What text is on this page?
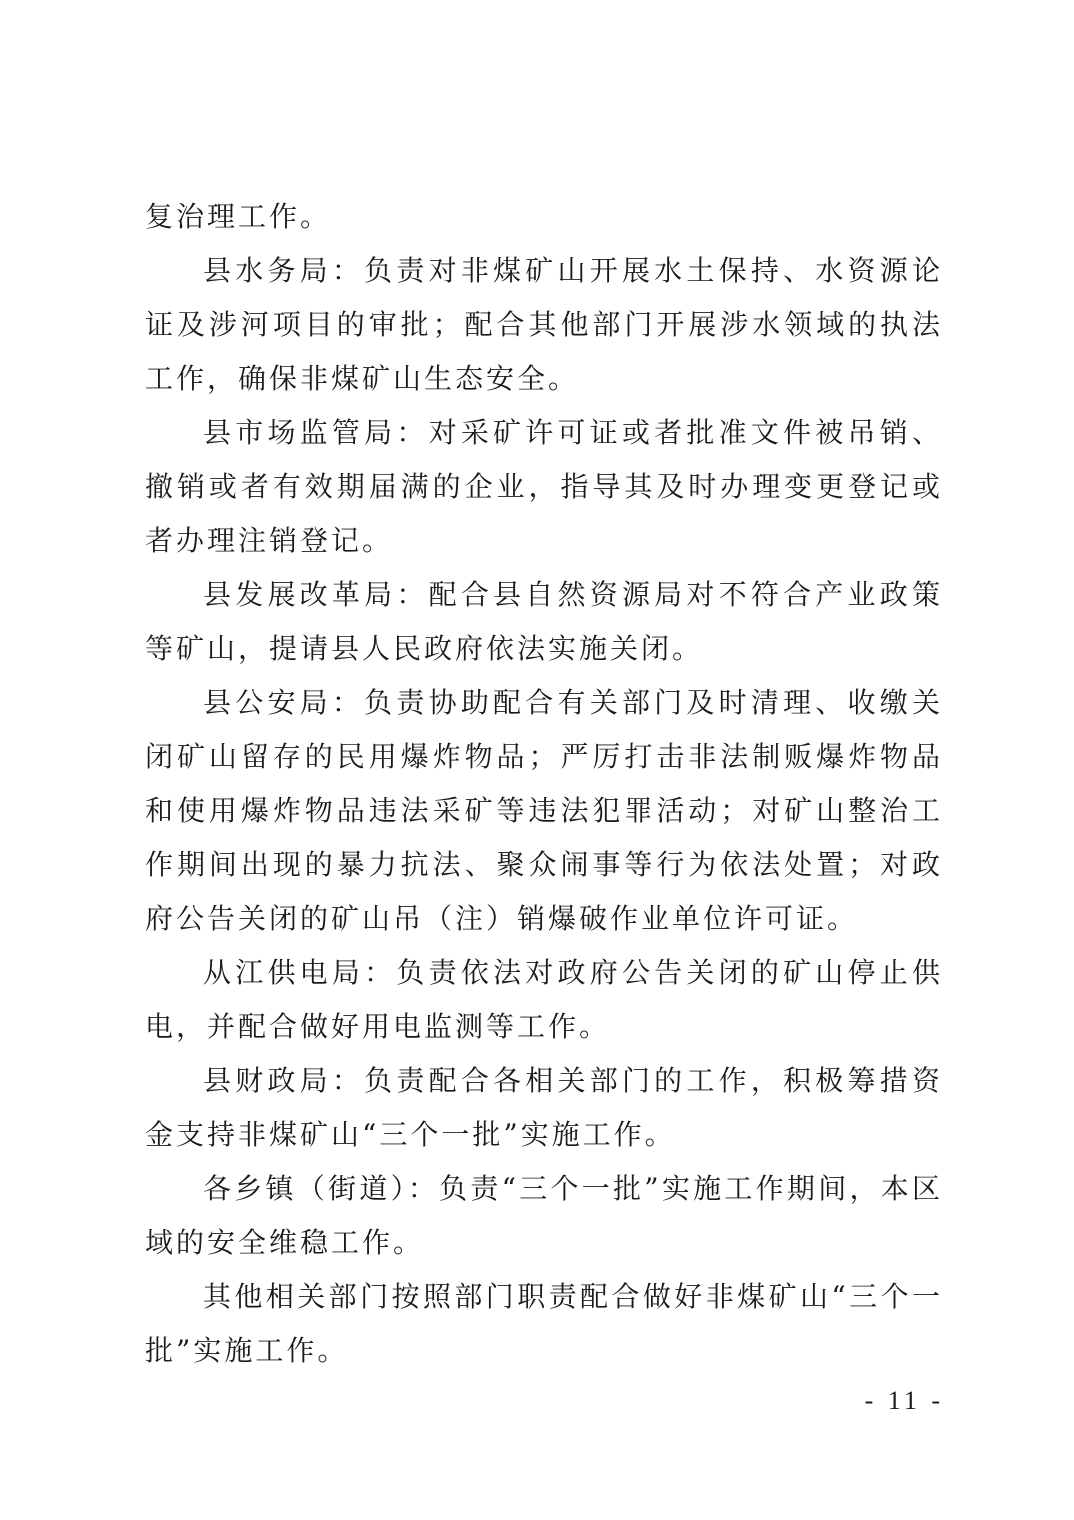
复治理工作。

县水务局：负责对非煤矿山开展水土保持、水资源论证及涉河项目的审批；配合其他部门开展涉水领域的执法工作，确保非煤矿山生态安全。

县市场监管局：对采矿许可证或者批准文件被吊销、撤销或者有效期届满的企业，指导其及时办理变更登记或者办理注销登记。

县发展改革局：配合县自然资源局对不符合产业政策等矿山，提请县人民政府依法实施关闭。

县公安局：负责协助配合有关部门及时清理、收缴关闭矿山留存的民用爆炸物品；严厉打击非法制贩爆炸物品和使用爆炸物品违法采矿等违法犯罪活动；对矿山整治工作期间出现的暴力抗法、聚众闹事等行为依法处置；对政府公告关闭的矿山吊（注）销爆破作业单位许可证。

从江供电局：负责依法对政府公告关闭的矿山停止供电，并配合做好用电监测等工作。

县财政局：负责配合各相关部门的工作，积极筹措资金支持非煤矿山“三个一批”实施工作。

各乡镇（街道）：负责“三个一批”实施工作期间，本区域的安全维稳工作。

其他相关部门按照部门职责配合做好非煤矿山“三个一批”实施工作。

- 11 -
